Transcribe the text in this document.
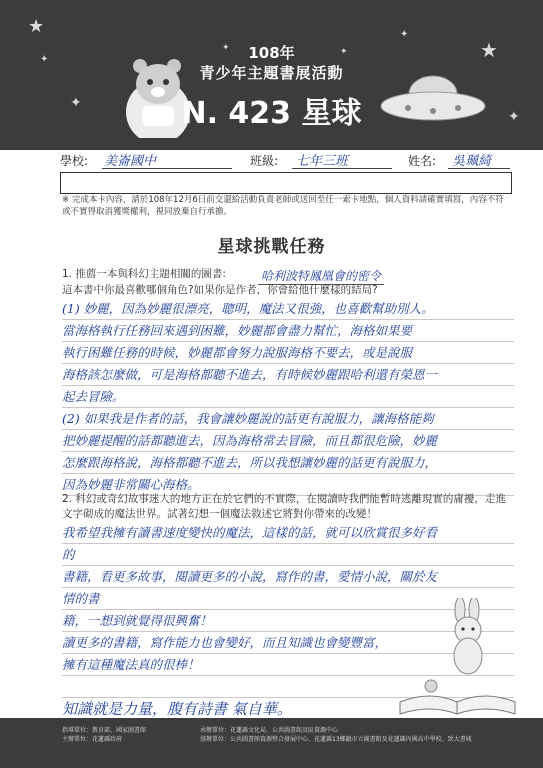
★
✦
✦	★
✦
✦
✦
✦	108年
青少年主題書展活動
N. 423 星球
學校: 美崙國中	班級: 七年三班	姓名: 吳珮綺
※ 完成本卡內容，請於108年12月6日前交還給活動負責老師或送回至任一索卡地點，個人資料請確實填寫，內容不符或不實得取消獲獎權利，視同放棄自行承擔。
星球挑戰任務
1. 推薦一本與科幻主題相關的圖書:	哈利波特鳳凰會的密令
這本書中你最喜歡哪個角色?如果你是作者，你會給他什麼樣的結局?
(1) 妙麗，因為妙麗很漂亮，聰明，魔法又很強，也喜歡幫助別人。
當海格執行任務回來遇到困難，妙麗都會盡力幫忙，海格如果要
執行困難任務的時候，妙麗都會努力說服海格不要去，或是說服
海格該怎麼做，可是海格都聽不進去，有時候妙麗跟哈利還有榮恩一
起去冒險。
(2) 如果我是作者的話，我會讓妙麗說的話更有說服力，讓海格能夠
把妙麗提醒的話都聽進去，因為海格常去冒險，而且都很危險，妙麗
怎麼跟海格說，海格都聽不進去，所以我想讓妙麗的話更有說服力，
因為妙麗非常關心海格。
2. 科幻或奇幻故事迷人的地方正在於它們的不實際，在閱讀時我們能暫時逃離現實的庸擾，走進文字砌成的魔法世界。試著幻想一個魔法敘述它將對你帶來的改變！
我希望我擁有讀書速度變快的魔法，這樣的話，就可以欣賞很多好看的
書籍，看更多故事，閱讀更多的小說，寫作的書，愛情小說，關於友情的書
籍，一想到就覺得很興奮！
讀更多的書籍，寫作能力也會變好，而且知識也會變豐富，
擁有這種魔法真的很棒！
知識就是力量，腹有詩書 氣自華。
指導單位：教育部、國家圖書館
主辦單位：花蓮縣政府
承辦單位：花蓮縣文化局、公共圖書館及區資源中心
協辦單位：公共圖書館資源整合發展中心、花蓮縣13鄉鎮市立圖書館及花蓮縣內國高中學校、致大書城
